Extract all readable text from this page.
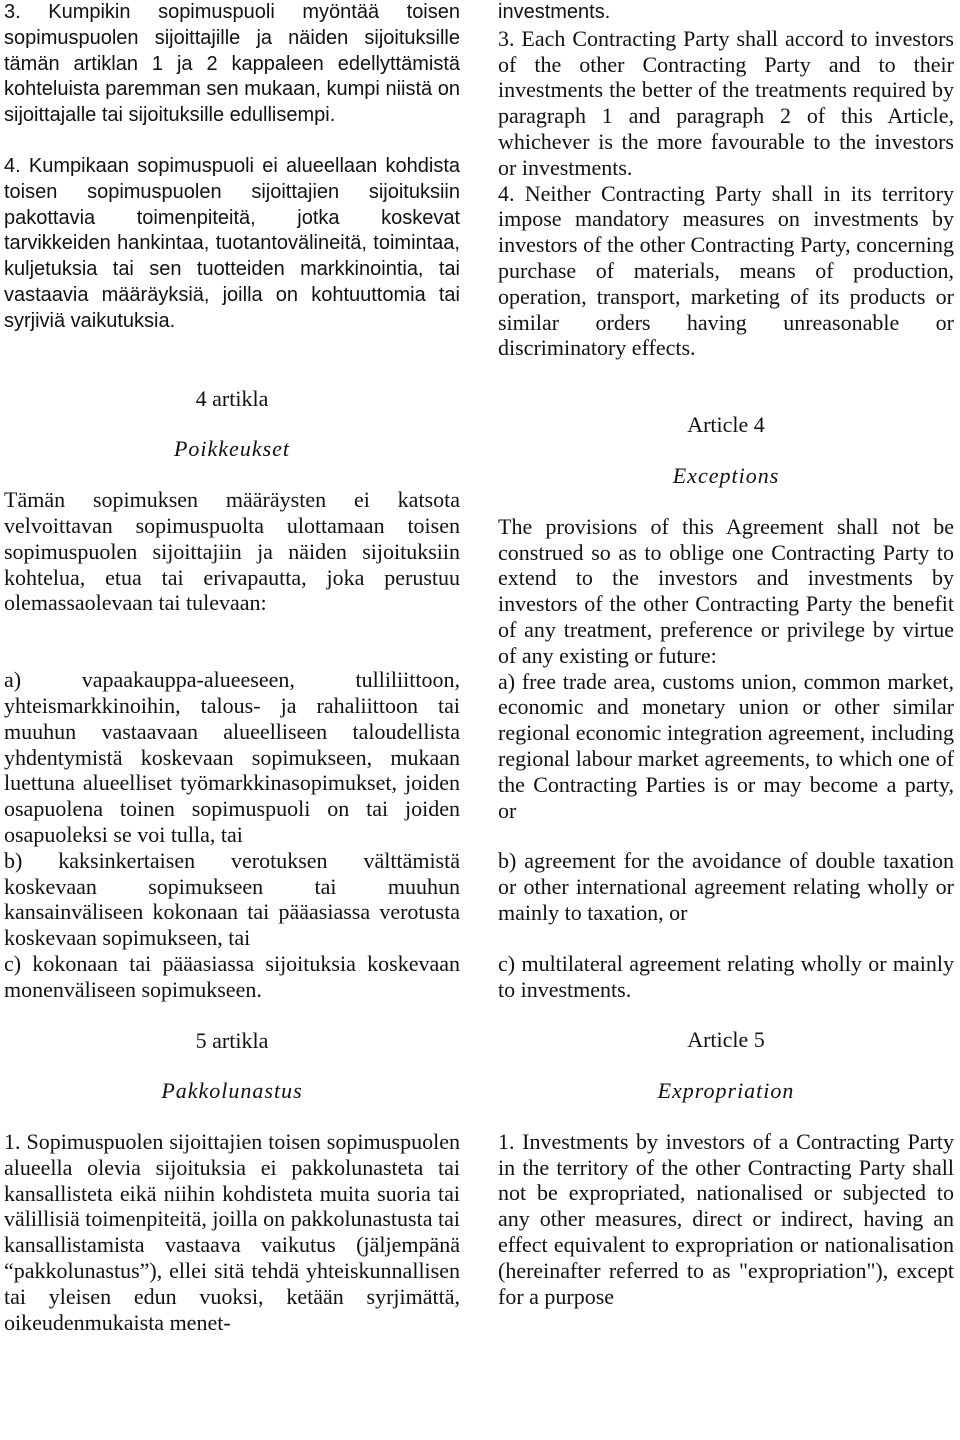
3. Kumpikin sopimuspuoli myöntää toisen sopimuspuolen sijoittajille ja näiden sijoituksille tämän artiklan 1 ja 2 kappaleen edellyttämistä kohteluista paremman sen mukaan, kumpi niistä on sijoittajalle tai sijoituksille edullisempi.

4. Kumpikaan sopimuspuoli ei alueellaan kohdista toisen sopimuspuolen sijoittajien sijoituksiin pakottavia toimenpiteitä, jotka koskevat tarvikkeiden hankintaa, tuotantovälineitä, toimintaa, kuljetuksia tai sen tuotteiden markkinointia, tai vastaavia määräyksiä, joilla on kohtuuttomia tai syrjiviä vaikutuksia.

4 artikla

Poikkeukset

Tämän sopimuksen määräysten ei katsota velvoittavan sopimuspuolta ulottamaan toisen sopimuspuolen sijoittajiin ja näiden sijoituksiin kohtelua, etua tai erivapautta, joka perustuu olemassaolevaan tai tulevaan:

a) vapaakauppa-alueeseen, tulliliittoon, yhteismarkkinoihin, talous- ja rahaliittoon tai muuhun vastaavaan alueelliseen taloudellista yhdentymistä koskevaan sopimukseen, mukaan luettuna alueelliset työmarkkinasopimukset, joiden osapuolena toinen sopimuspuoli on tai joiden osapuoleksi se voi tulla, tai

b) kaksinkertaisen verotuksen välttämistä koskevaan sopimukseen tai muuhun kansainväliseen kokonaan tai pääasiassa verotusta koskevaan sopimukseen, tai

c) kokonaan tai pääasiassa sijoituksia koskevaan monenväliseen sopimukseen.

5 artikla

Pakkolunastus

1. Sopimuspuolen sijoittajien toisen sopimuspuolen alueella olevia sijoituksia ei pakkolunasteta tai kansallisteta eikä niihin kohdisteta muita suoria tai välillisiä toimenpiteitä, joilla on pakkolunastusta tai kansallistamista vastaava vaikutus (jäljempänä “pakkolunastus”), ellei sitä tehdä yhteiskunnallisen tai yleisen edun vuoksi, ketään syrjimättä, oikeudenmukaista menet-

investments.

3. Each Contracting Party shall accord to investors of the other Contracting Party and to their investments the better of the treatments required by paragraph 1 and paragraph 2 of this Article, whichever is the more favourable to the investors or investments.

4. Neither Contracting Party shall in its territory impose mandatory measures on investments by investors of the other Contracting Party, concerning purchase of materials, means of production, operation, transport, marketing of its products or similar orders having unreasonable or discriminatory effects.

Article 4

Exceptions

The provisions of this Agreement shall not be construed so as to oblige one Contracting Party to extend to the investors and investments by investors of the other Contracting Party the benefit of any treatment, preference or privilege by virtue of any existing or future:

a) free trade area, customs union, common market, economic and monetary union or other similar regional economic integration agreement, including regional labour market agreements, to which one of the Contracting Parties is or may become a party, or

b) agreement for the avoidance of double taxation or other international agreement relating wholly or mainly to taxation, or

c) multilateral agreement relating wholly or mainly to investments.

Article 5

Expropriation

1. Investments by investors of a Contracting Party in the territory of the other Contracting Party shall not be expropriated, nationalised or subjected to any other measures, direct or indirect, having an effect equivalent to expropriation or nationalisation (hereinafter referred to as "expropriation"), except for a purpose
